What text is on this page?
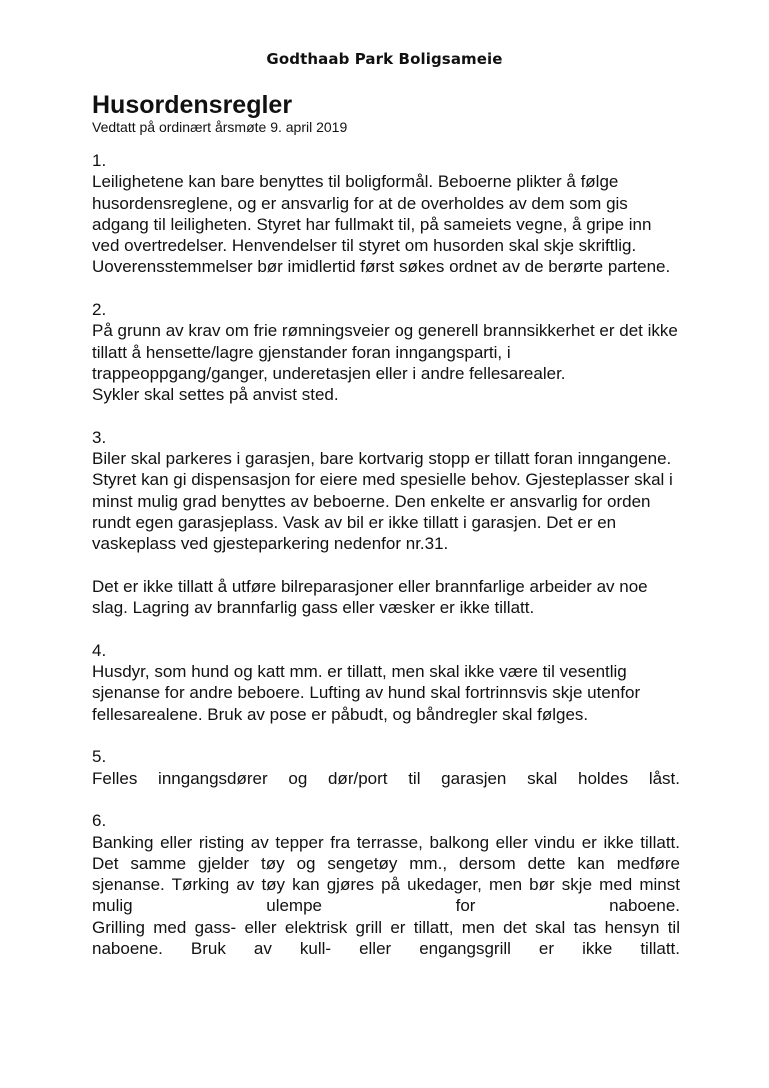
Godthaab Park Boligsameie
Husordensregler

Vedtatt på ordinært årsmøte 9. april 2019

1.
Leilighetene kan bare benyttes til boligformål. Beboerne plikter å følge husordensreglene, og er ansvarlig for at de overholdes av dem som gis adgang til leiligheten. Styret har fullmakt til, på sameiets vegne, å gripe inn ved overtredelser. Henvendelser til styret om husorden skal skje skriftlig. Uoverensstemmelser bør imidlertid først søkes ordnet av de berørte partene.
2.
På grunn av krav om frie rømningsveier og generell brannsikkerhet er det ikke tillatt å hensette/lagre gjenstander foran inngangsparti, i trappeoppgang/ganger, underetasjen eller i andre fellesarealer.
Sykler skal settes på anvist sted.
3.
Biler skal parkeres i garasjen, bare kortvarig stopp er tillatt foran inngangene. Styret kan gi dispensasjon for eiere med spesielle behov. Gjesteplasser skal i minst mulig grad benyttes av beboerne. Den enkelte er ansvarlig for orden rundt egen garasjeplass. Vask av bil er ikke tillatt i garasjen. Det er en vaskeplass ved gjesteparkering nedenfor nr.31.
Det er ikke tillatt å utføre bilreparasjoner eller brannfarlige arbeider av noe slag. Lagring av brannfarlig gass eller væsker er ikke tillatt.
4.
Husdyr, som hund og katt mm. er tillatt, men skal ikke være til vesentlig sjenanse for andre beboere. Lufting av hund skal fortrinnsvis skje utenfor fellesarealene. Bruk av pose er påbudt, og båndregler skal følges.
5.
Felles inngangsdører og dør/port til garasjen skal holdes låst.
6.
Banking eller risting av tepper fra terrasse, balkong eller vindu er ikke tillatt. Det samme gjelder tøy og sengetøy mm., dersom dette kan medføre sjenanse. Tørking av tøy kan gjøres på ukedager, men bør skje med minst mulig ulempe for naboene.
Grilling med gass- eller elektrisk grill er tillatt, men det skal tas hensyn til naboene. Bruk av kull- eller engangsgrill er ikke tillatt.
